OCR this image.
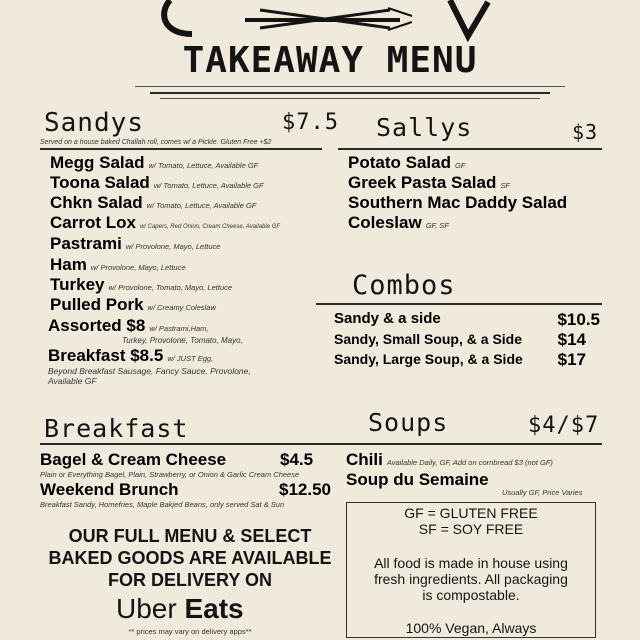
TAKEAWAY MENU
Sandys	$7.5
Served on a house baked Challah roll, comes w/ a Pickle. Gluten Free +$2
Megg Salad w/ Tomato, Lettuce, Available GF
Toona Salad w/ Tomato, Lettuce, Available GF
Chkn Salad w/ Tomato, Lettuce, Available GF
Carrot Lox w/ Capers, Red Onion, Cream Cheese, Available GF
Pastrami w/ Provolone, Mayo, Lettuce
Ham w/ Provolone, Mayo, Lettuce
Turkey w/ Provolone, Tomato, Mayo, Lettuce
Pulled Pork w/ Creamy Coleslaw
Assorted $8 w/ Pastrami,Ham,
Turkey, Provolone, Tomato, Mayo,
Breakfast $8.5 w/ JUST Egg,
Beyond Breakfast Sausage, Fancy Sauce, Provolone,
Available GF
Sallys	$3
Potato Salad GF
Greek Pasta Salad SF
Southern Mac Daddy Salad
Coleslaw GF, SF
Combos
Sandy & a side	$10.5
Sandy, Small Soup, & a Side $14
Sandy, Large Soup, & a Side $17
Breakfast
Bagel & Cream Cheese	$4.5
Plain or Everything Bagel, Plain, Strawberry, or Onion & Garlic Cream Cheese
Weekend Brunch	$12.50
Breakfast Sandy, Homefries, Maple Bakjed Beans, only served Sat & Sun
Soups	$4/$7
Chili Available Daily, GF, Add on cornbread $3 (not GF)
Soup du Semaine
Usually GF, Price Varies
OUR FULL MENU & SELECT
BAKED GOODS ARE AVAILABLE
FOR DELIVERY ON
Uber Eats
** prices may vary on delivery apps**
GF = GLUTEN FREE
SF = SOY FREE
All food is made in house using
fresh ingredients. All packaging
is compostable.
100% Vegan, Always
